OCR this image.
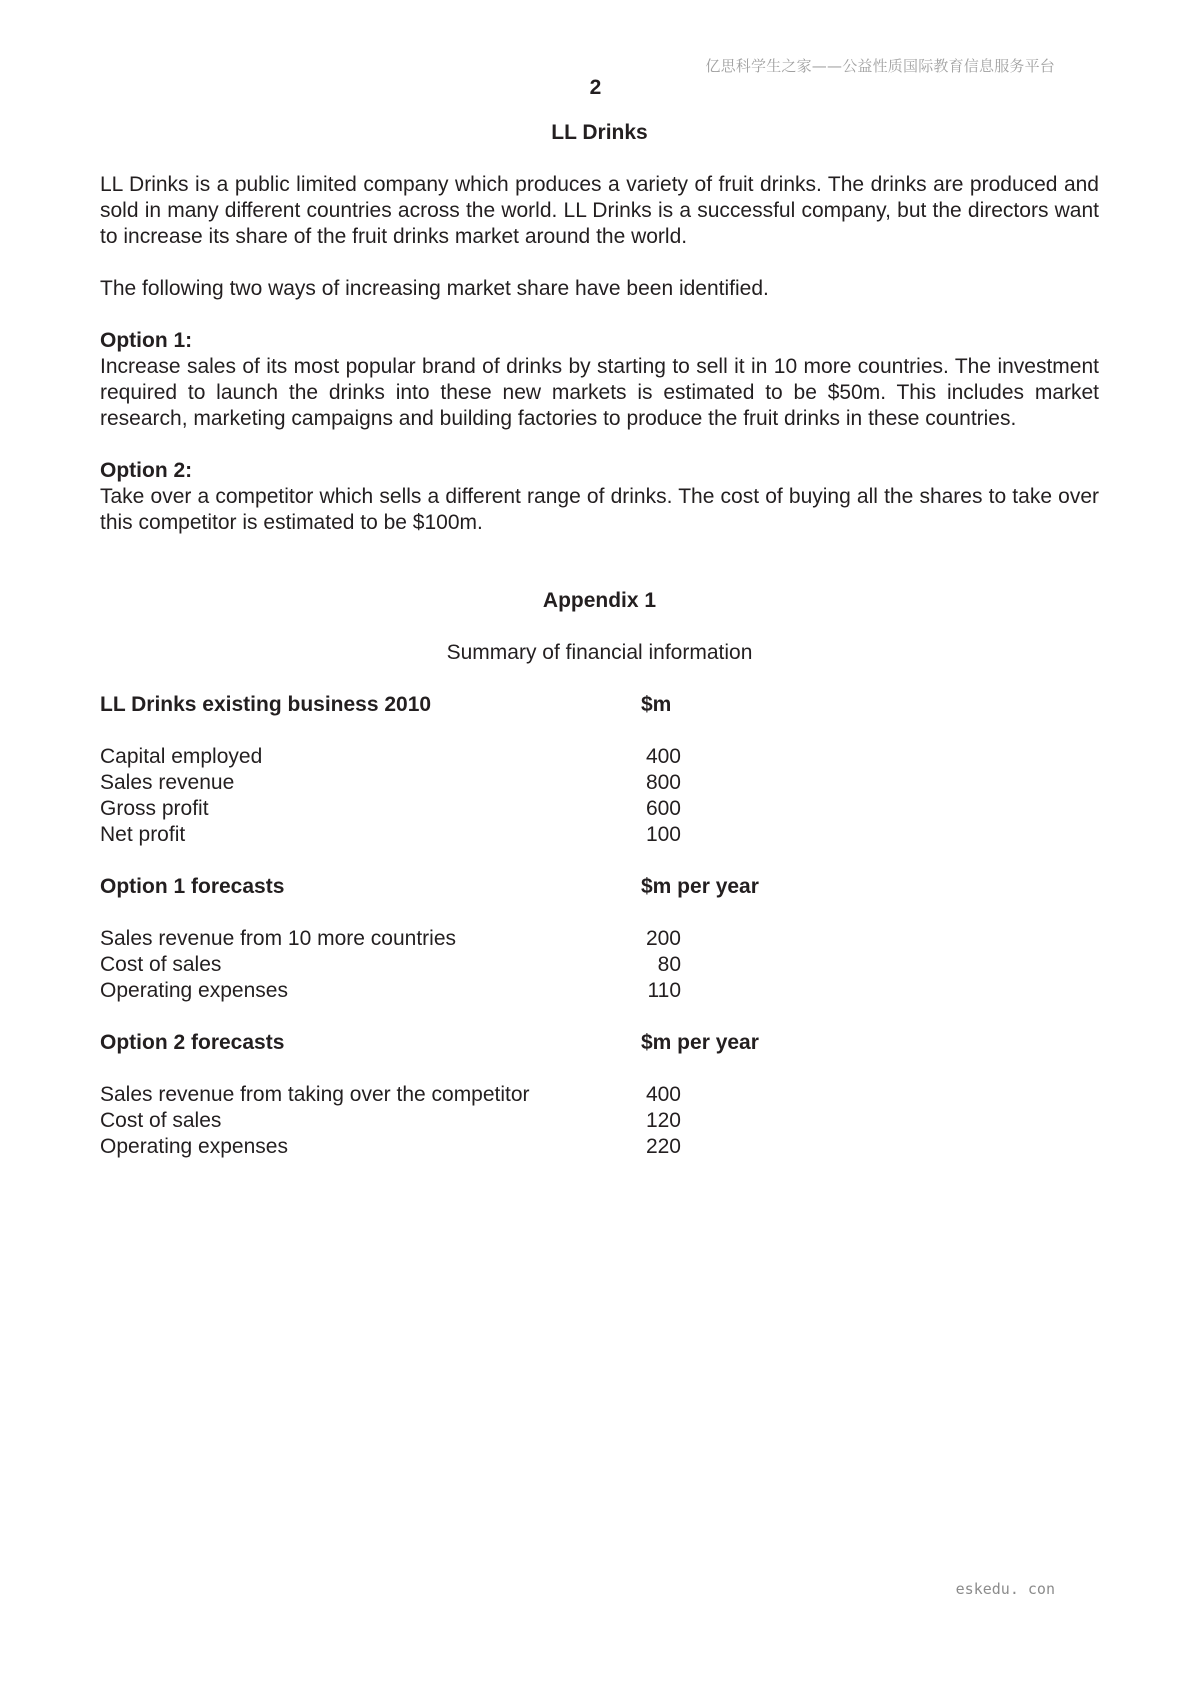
亿思科学生之家——公益性质国际教育信息服务平台
2
LL Drinks

LL Drinks is a public limited company which produces a variety of fruit drinks. The drinks are produced and sold in many different countries across the world. LL Drinks is a successful company, but the directors want to increase its share of the fruit drinks market around the world.

The following two ways of increasing market share have been identified.

Option 1:

Increase sales of its most popular brand of drinks by starting to sell it in 10 more countries. The investment required to launch the drinks into these new markets is estimated to be $50m. This includes market research, marketing campaigns and building factories to produce the fruit drinks in these countries.

Option 2:

Take over a competitor which sells a different range of drinks. The cost of buying all the shares to take over this competitor is estimated to be $100m.

Appendix 1
Summary of financial information
LL Drinks existing business 2010	$m
Capital employed	400
Sales revenue	800
Gross profit	600
Net profit	100
Option 1 forecasts	$m per year
Sales revenue from 10 more countries	200
Cost of sales	80
Operating expenses	110
Option 2 forecasts	$m per year
Sales revenue from taking over the competitor	400
Cost of sales	120
Operating expenses	220
eskedu. con
